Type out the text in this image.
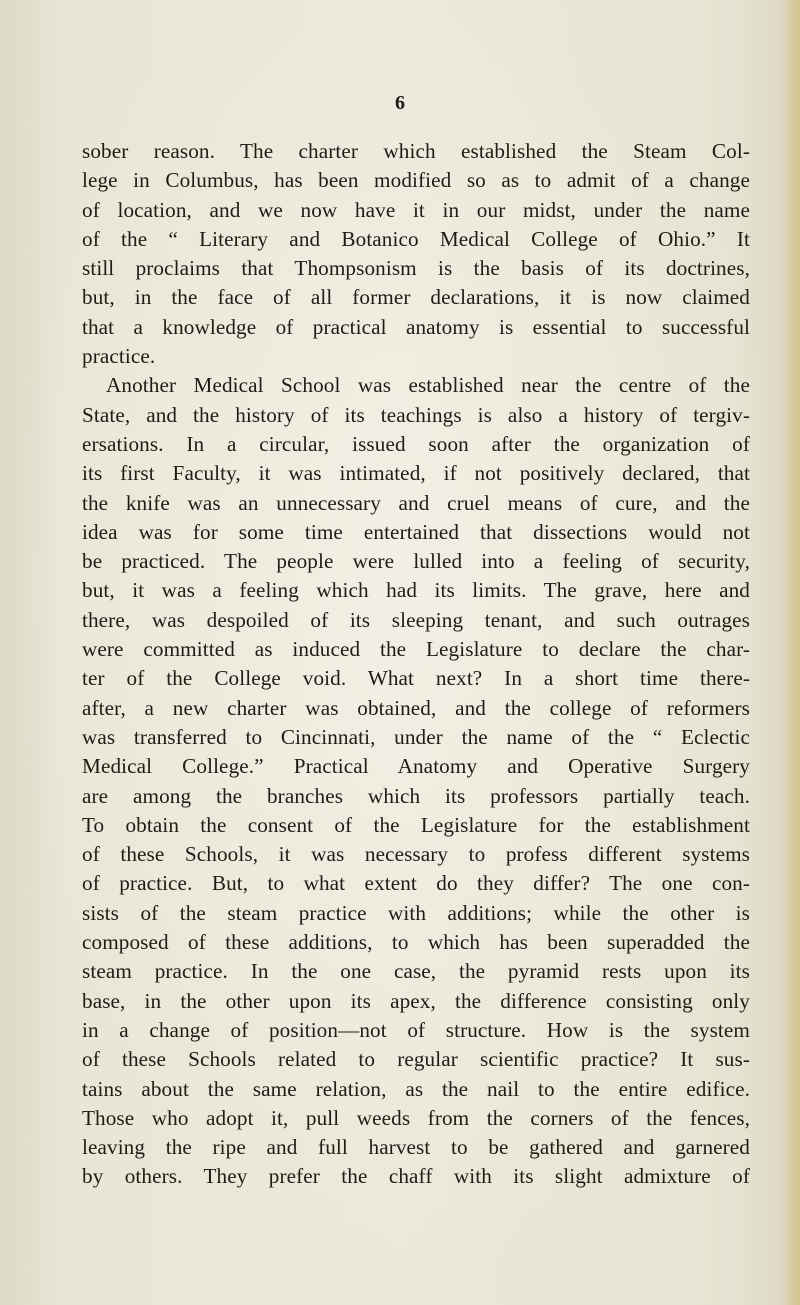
6
sober reason. The charter which established the Steam Col-
lege in Columbus, has been modified so as to admit of a change
of location, and we now have it in our midst, under the name
of the “ Literary and Botanico Medical College of Ohio.” It
still proclaims that Thompsonism is the basis of its doctrines,
but, in the face of all former declarations, it is now claimed
that a knowledge of practical anatomy is essential to successful
practice.
Another Medical School was established near the centre of the
State, and the history of its teachings is also a history of tergiv-
ersations. In a circular, issued soon after the organization of
its first Faculty, it was intimated, if not positively declared, that
the knife was an unnecessary and cruel means of cure, and the
idea was for some time entertained that dissections would not
be practiced. The people were lulled into a feeling of security,
but, it was a feeling which had its limits. The grave, here and
there, was despoiled of its sleeping tenant, and such outrages
were committed as induced the Legislature to declare the char-
ter of the College void. What next? In a short time there-
after, a new charter was obtained, and the college of reformers
was transferred to Cincinnati, under the name of the “ Eclectic
Medical College.” Practical Anatomy and Operative Surgery
are among the branches which its professors partially teach.
To obtain the consent of the Legislature for the establishment
of these Schools, it was necessary to profess different systems
of practice. But, to what extent do they differ? The one con-
sists of the steam practice with additions; while the other is
composed of these additions, to which has been superadded the
steam practice. In the one case, the pyramid rests upon its
base, in the other upon its apex, the difference consisting only
in a change of position—not of structure. How is the system
of these Schools related to regular scientific practice? It sus-
tains about the same relation, as the nail to the entire edifice.
Those who adopt it, pull weeds from the corners of the fences,
leaving the ripe and full harvest to be gathered and garnered
by others. They prefer the chaff with its slight admixture of
